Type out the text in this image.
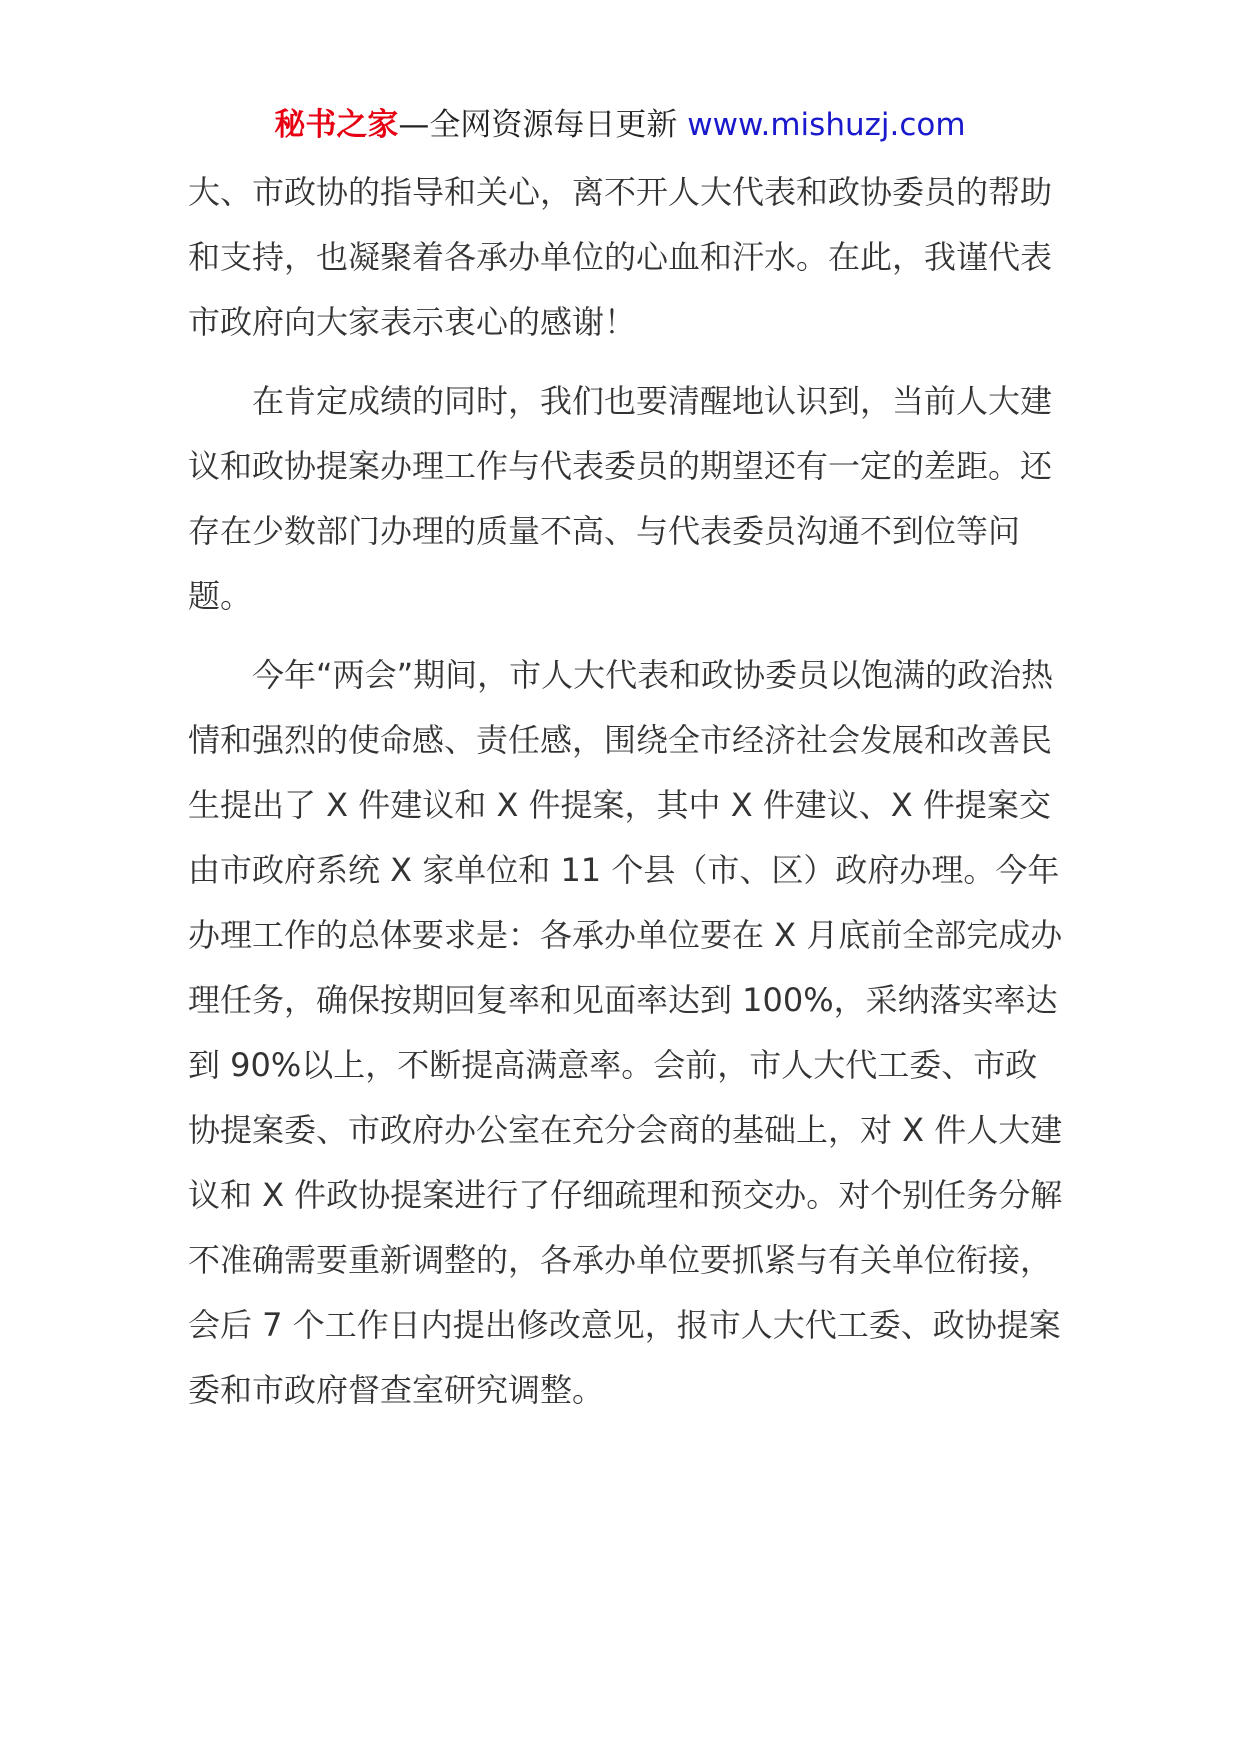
秘书之家—全网资源每日更新 www.mishuzj.com

大、市政协的指导和关心，离不开人大代表和政协委员的帮助和支持，也凝聚着各承办单位的心血和汗水。在此，我谨代表市政府向大家表示衷心的感谢！

在肯定成绩的同时，我们也要清醒地认识到，当前人大建议和政协提案办理工作与代表委员的期望还有一定的差距。还存在少数部门办理的质量不高、与代表委员沟通不到位等问题。

今年“两会”期间，市人大代表和政协委员以饱满的政治热情和强烈的使命感、责任感，围绕全市经济社会发展和改善民生提出了 X 件建议和 X 件提案，其中 X 件建议、X 件提案交由市政府系统 X 家单位和 11 个县（市、区）政府办理。今年办理工作的总体要求是：各承办单位要在 X 月底前全部完成办理任务，确保按期回复率和见面率达到 100%，采纳落实率达到 90%以上，不断提高满意率。会前，市人大代工委、市政协提案委、市政府办公室在充分会商的基础上，对 X 件人大建议和 X 件政协提案进行了仔细疏理和预交办。对个别任务分解不准确需要重新调整的，各承办单位要抓紧与有关单位衔接，会后 7 个工作日内提出修改意见，报市人大代工委、政协提案委和市政府督查室研究调整。
